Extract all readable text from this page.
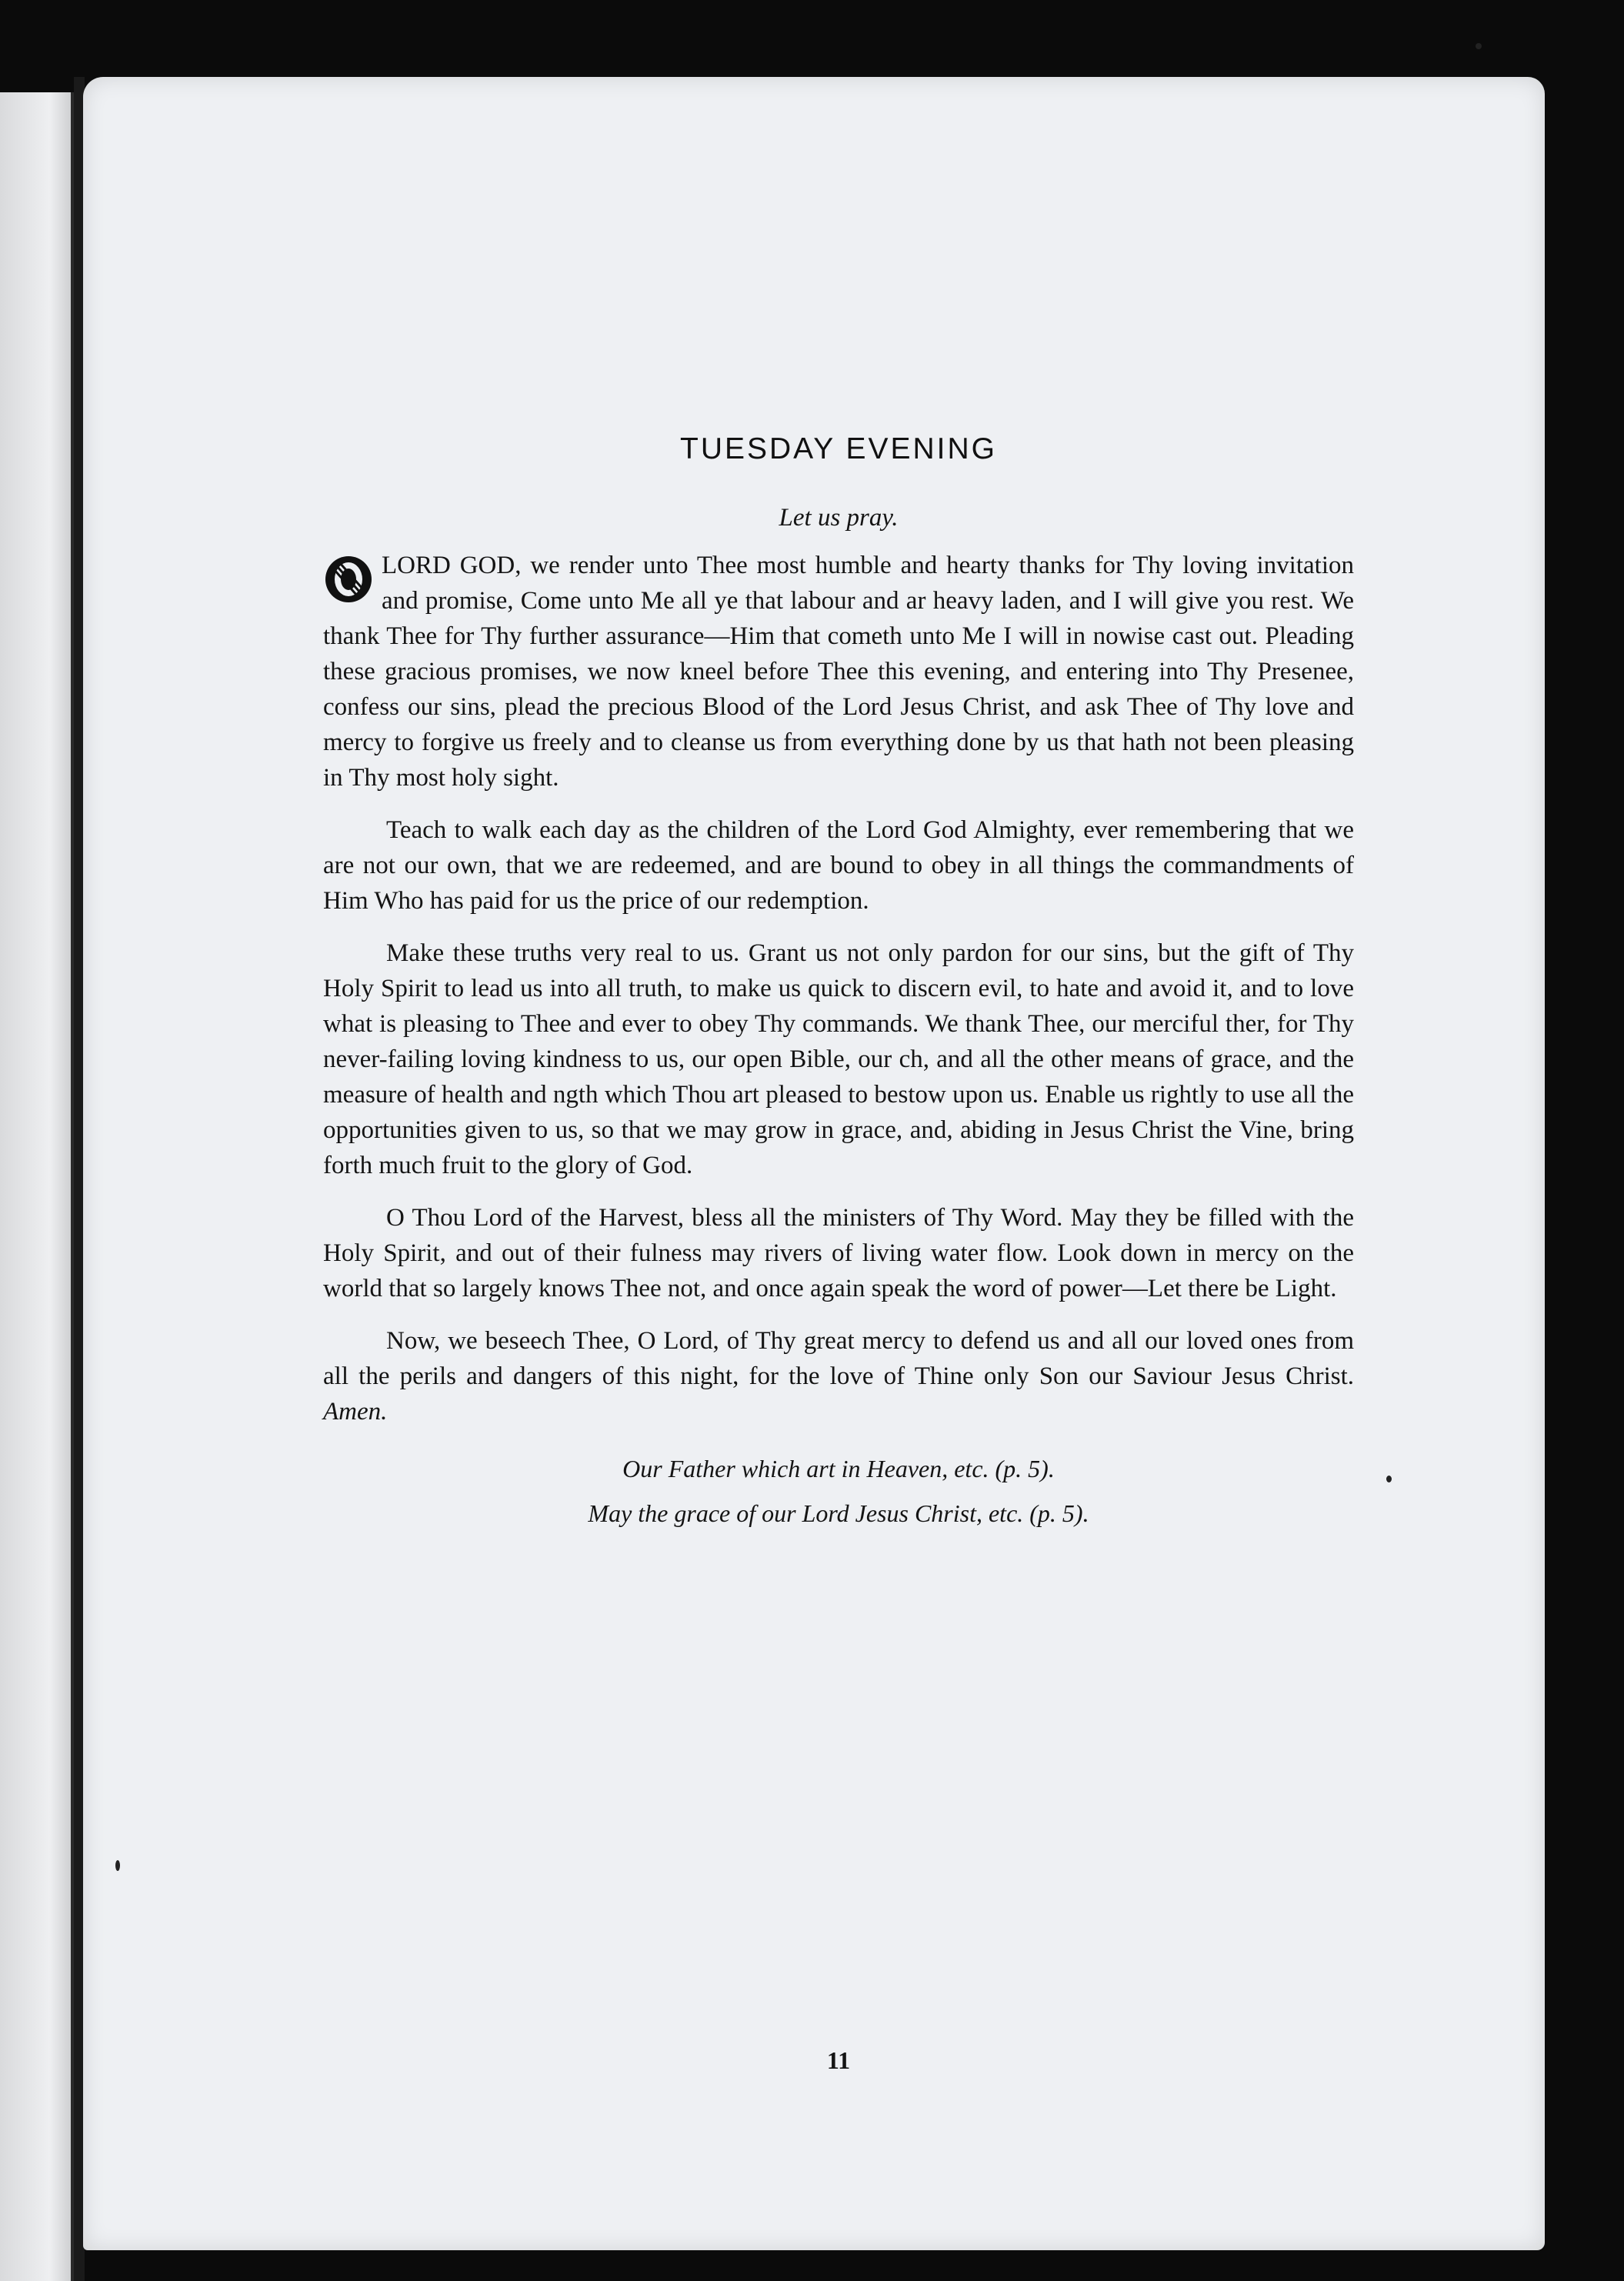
TUESDAY EVENING
Let us pray.

LORD GOD, we render unto Thee most humble and hearty thanks for Thy loving invitation and promise, Come unto Me all ye that labour and ar heavy laden, and I will give you rest. We thank Thee for Thy further assurance—Him that cometh unto Me I will in nowise cast out. Pleading these gracious promises, we now kneel before Thee this evening, and entering into Thy Presenee, confess our sins, plead the precious Blood of the Lord Jesus Christ, and ask Thee of Thy love and mercy to forgive us freely and to cleanse us from everything done by us that hath not been pleasing in Thy most holy sight.

Teach to walk each day as the children of the Lord God Almighty, ever remembering that we are not our own, that we are redeemed, and are bound to obey in all things the commandments of Him Who has paid for us the price of our redemption.

Make these truths very real to us. Grant us not only pardon for our sins, but the gift of Thy Holy Spirit to lead us into all truth, to make us quick to discern evil, to hate and avoid it, and to love what is pleasing to Thee and ever to obey Thy commands. We thank Thee, our merciful ther, for Thy never-failing loving kindness to us, our open Bible, our ch, and all the other means of grace, and the measure of health and ngth which Thou art pleased to bestow upon us. Enable us rightly to use all the opportunities given to us, so that we may grow in grace, and, abiding in Jesus Christ the Vine, bring forth much fruit to the glory of God.

O Thou Lord of the Harvest, bless all the ministers of Thy Word. May they be filled with the Holy Spirit, and out of their fulness may rivers of living water flow. Look down in mercy on the world that so largely knows Thee not, and once again speak the word of power—Let there be Light.

Now, we beseech Thee, O Lord, of Thy great mercy to defend us and all our loved ones from all the perils and dangers of this night, for the love of Thine only Son our Saviour Jesus Christ. Amen.

Our Father which art in Heaven, etc. (p. 5).
May the grace of our Lord Jesus Christ, etc. (p. 5).
11
